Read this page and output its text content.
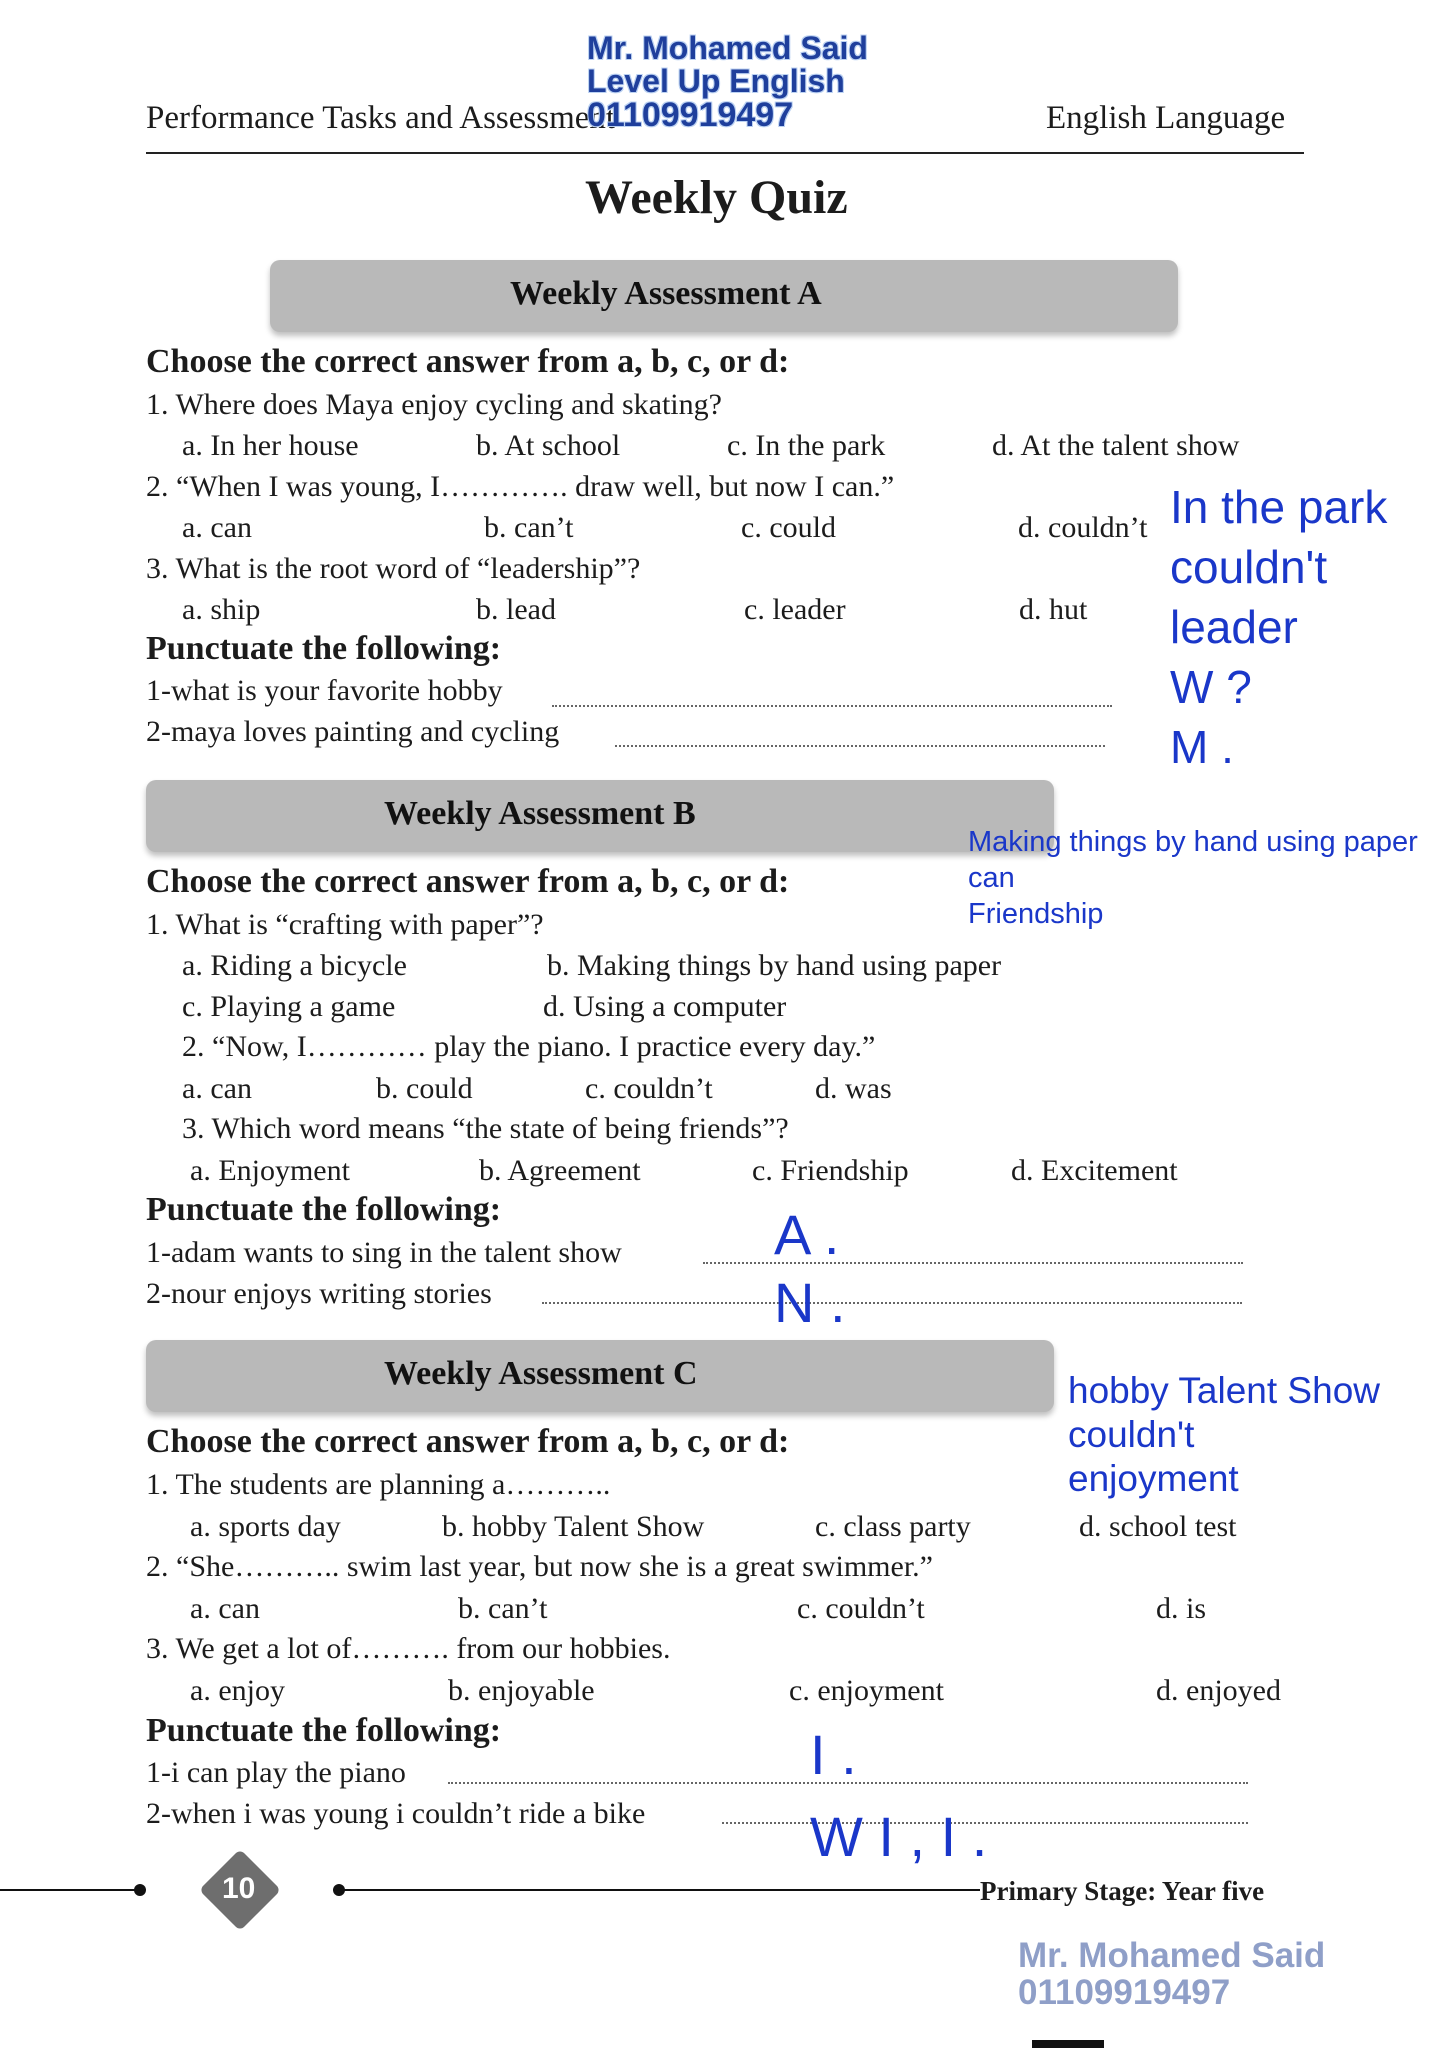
Mr. Mohamed Said
Level Up English
Performance Tasks and Assessment
01109919497	English Language
Weekly Quiz
Weekly Assessment A
Choose the correct answer from a, b, c, or d:
1. Where does Maya enjoy cycling and skating?
a. In her house	b. At school	c. In the park	d. At the talent show
2. “When I was young, I…………. draw well, but now I can.”
a. can	b. can’t	c. could	d. couldn’t
3. What is the root word of “leadership”?
a. ship	b. lead	c. leader	d. hut
Punctuate the following:
1-what is your favorite hobby
2-maya loves painting and cycling
In the park
couldn't
leader
W ?
M .
Weekly Assessment B
Making things by hand using paper
can
Friendship
Choose the correct answer from a, b, c, or d:
1. What is “crafting with paper”?
a. Riding a bicycle	b. Making things by hand using paper
c. Playing a game	d. Using a computer
2. “Now, I………… play the piano. I practice every day.”
a. can	b. could	c. couldn’t	d. was
3. Which word means “the state of being friends”?
a. Enjoyment	b. Agreement	c. Friendship	d. Excitement
Punctuate the following:
1-adam wants to sing in the talent show
2-nour enjoys writing stories
A .
N .
Weekly Assessment C	hobby Talent Show
couldn't
enjoyment
Choose the correct answer from a, b, c, or d:
1. The students are planning a………..
a. sports day	b. hobby Talent Show	c. class party	d. school test
2. “She……….. swim last year, but now she is a great swimmer.”
a. can	b. can’t	c. couldn’t	d. is
3. We get a lot of………. from our hobbies.
a. enjoy	b. enjoyable	c. enjoyment	d. enjoyed
Punctuate the following:
1-i can play the piano
2-when i was young i couldn’t ride a bike
I .
W I , I .
10	Primary Stage: Year five
Mr. Mohamed Said
01109919497
